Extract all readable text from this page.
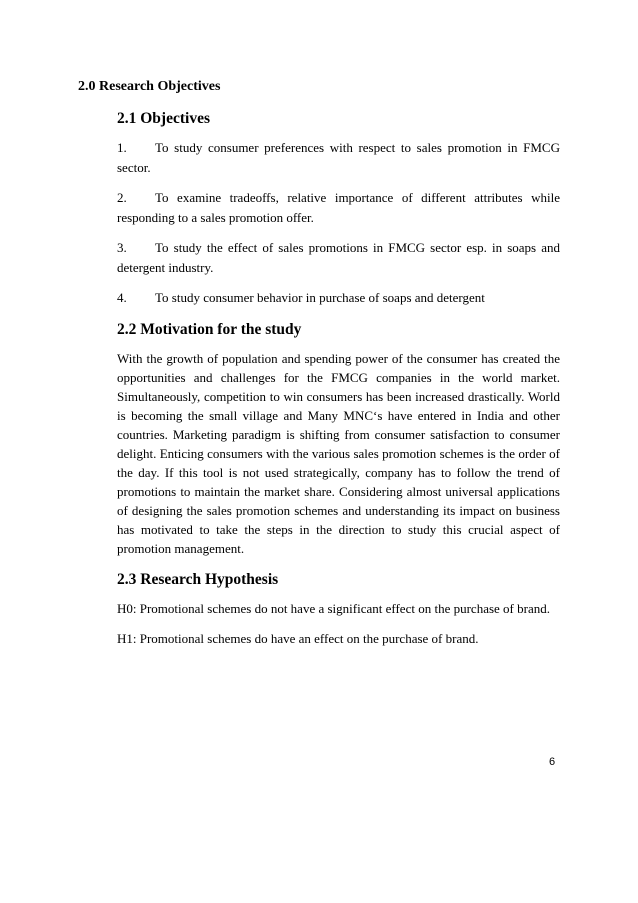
2.0 Research Objectives
2.1 Objectives

1. To study consumer preferences with respect to sales promotion in FMCG sector.

2. To examine tradeoffs, relative importance of different attributes while responding to a sales promotion offer.

3. To study the effect of sales promotions in FMCG sector esp. in soaps and detergent industry.

4. To study consumer behavior in purchase of soaps and detergent

2.2 Motivation for the study

With the growth of population and spending power of the consumer has created the opportunities and challenges for the FMCG companies in the world market. Simultaneously, competition to win consumers has been increased drastically. World is becoming the small village and Many MNC‘s have entered in India and other countries. Marketing paradigm is shifting from consumer satisfaction to consumer delight. Enticing consumers with the various sales promotion schemes is the order of the day. If this tool is not used strategically, company has to follow the trend of promotions to maintain the market share. Considering almost universal applications of designing the sales promotion schemes and understanding its impact on business has motivated to take the steps in the direction to study this crucial aspect of promotion management.

2.3 Research Hypothesis

H0: Promotional schemes do not have a significant effect on the purchase of brand.

H1: Promotional schemes do have an effect on the purchase of brand.

6
